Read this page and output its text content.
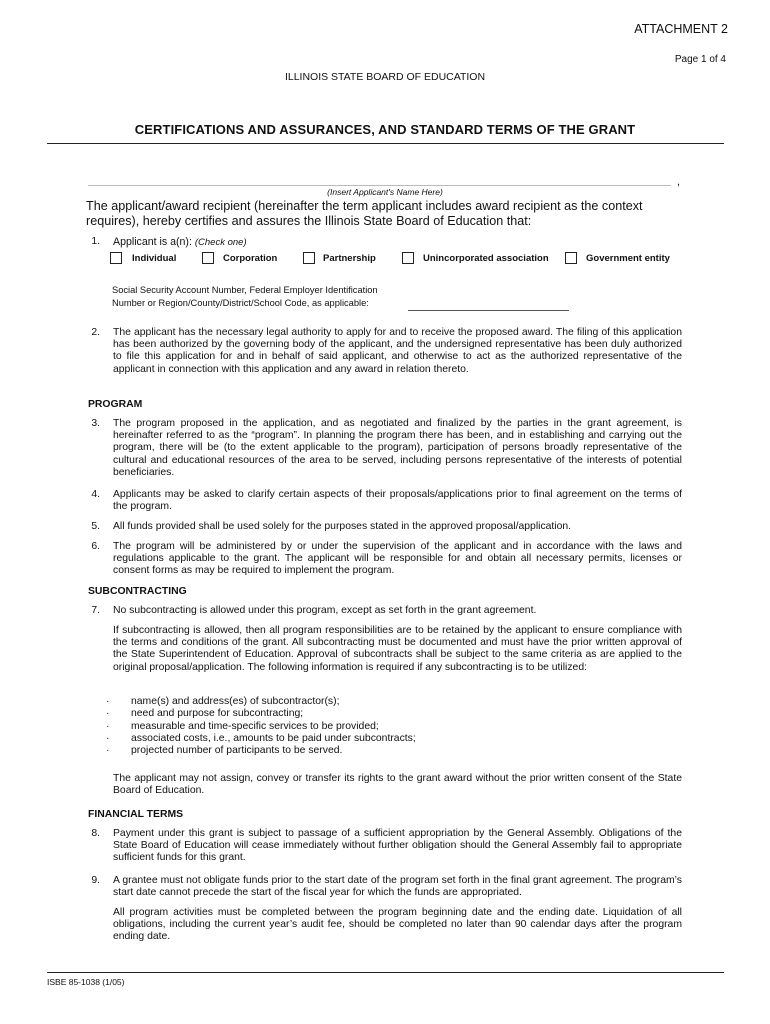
ATTACHMENT 2
Page 1 of 4
ILLINOIS STATE BOARD OF EDUCATION
CERTIFICATIONS AND ASSURANCES, AND STANDARD TERMS OF THE GRANT
,
(Insert Applicant's Name Here)
The applicant/award recipient (hereinafter the term applicant includes award recipient as the context requires), hereby certifies and assures the Illinois State Board of Education that:
1. Applicant is a(n): (Check one)
Individual	Corporation	Partnership	Unincorporated association	Government entity
Social Security Account Number, Federal Employer Identification
Number or Region/County/District/School Code, as applicable:
2. The applicant has the necessary legal authority to apply for and to receive the proposed award. The filing of this application has been authorized by the governing body of the applicant, and the undersigned representative has been duly authorized to file this application for and in behalf of said applicant, and otherwise to act as the authorized representative of the applicant in connection with this application and any award in relation thereto.
PROGRAM
3. The program proposed in the application, and as negotiated and finalized by the parties in the grant agreement, is hereinafter referred to as the “program”. In planning the program there has been, and in establishing and carrying out the program, there will be (to the extent applicable to the program), participation of persons broadly representative of the cultural and educational resources of the area to be served, including persons representative of the interests of potential beneficiaries.
4. Applicants may be asked to clarify certain aspects of their proposals/applications prior to final agreement on the terms of the program.
5. All funds provided shall be used solely for the purposes stated in the approved proposal/application.
6. The program will be administered by or under the supervision of the applicant and in accordance with the laws and regulations applicable to the grant. The applicant will be responsible for and obtain all necessary permits, licenses or consent forms as may be required to implement the program.
SUBCONTRACTING
7. No subcontracting is allowed under this program, except as set forth in the grant agreement.
If subcontracting is allowed, then all program responsibilities are to be retained by the applicant to ensure compliance with the terms and conditions of the grant. All subcontracting must be documented and must have the prior written approval of the State Superintendent of Education. Approval of subcontracts shall be subject to the same criteria as are applied to the original proposal/application. The following information is required if any subcontracting is to be utilized:
· name(s) and address(es) of subcontractor(s);
· need and purpose for subcontracting;
· measurable and time-specific services to be provided;
· associated costs, i.e., amounts to be paid under subcontracts;
· projected number of participants to be served.
The applicant may not assign, convey or transfer its rights to the grant award without the prior written consent of the State Board of Education.
FINANCIAL TERMS
8. Payment under this grant is subject to passage of a sufficient appropriation by the General Assembly. Obligations of the State Board of Education will cease immediately without further obligation should the General Assembly fail to appropriate sufficient funds for this grant.
9. A grantee must not obligate funds prior to the start date of the program set forth in the final grant agreement. The program’s start date cannot precede the start of the fiscal year for which the funds are appropriated.
All program activities must be completed between the program beginning date and the ending date. Liquidation of all obligations, including the current year’s audit fee, should be completed no later than 90 calendar days after the program ending date.
ISBE 85-1038 (1/05)
